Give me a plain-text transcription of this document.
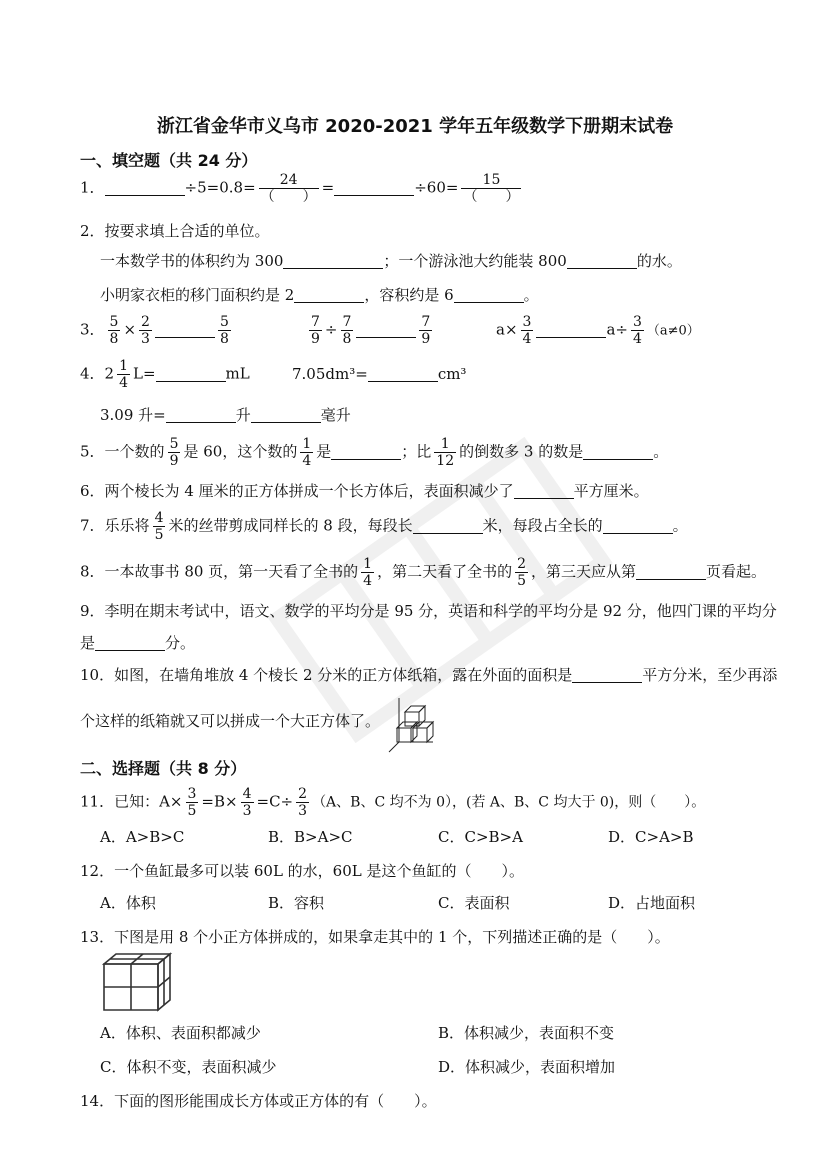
浙江省金华市义乌市 2020-2021 学年五年级数学下册期末试卷
一、填空题（共 24 分）
1．	$\div 5=0.8= \frac{24}{( )}$ =	$\div 60= \frac{15}{( )}$
2．按要求填上合适的单位。
一本数学书的体积约为 300	；一个游泳池大约能装 800	的水。
小明家衣柜的移门面积约是 2	，容积约是 6	。
3． $\frac{5}{8} \times \frac{2}{3}$	$\frac{5}{8}$	$\frac{7}{9} \div \frac{7}{8}$	$\frac{7}{9}$	$a\times \frac{3}{4}$	$a\div \frac{3}{4} (a\ne 0)$
4．$2 \frac{1}{4} L=$	mL	7.05dm³=	cm³
3.09 升=	升	毫升
5．一个数的 $\frac{5}{9}$ 是 60，这个数的 $\frac{1}{4}$ 是	；比 $\frac{1}{12}$ 的倒数多 3 的数是	。
6．两个棱长为 4 厘米的正方体拼成一个长方体后，表面积减少了	平方厘米。
7．乐乐将 $\frac{4}{5}$ 米的丝带剪成同样长的 8 段，每段长	米，每段占全长的	。
8．一本故事书 80 页，第一天看了全书的 $\frac{1}{4}$ ，第二天看了全书的 $\frac{2}{5}$ ，第三天应从第	页看起。
9．李明在期末考试中，语文、数学的平均分是 95 分，英语和科学的平均分是 92 分，他四门课的平均分
是	分。
10．如图，在墙角堆放 4 个棱长 2 分米的正方体纸箱，露在外面的面积是	平方分米，至少再添
个这样的纸箱就又可以拼成一个大正方体了。
二、选择题（共 8 分）
11．已知：$A\times \frac{3}{5} =B\times \frac{4}{3} =C\div \frac{2}{3} (A$、B、C 均不为 0），(若 A、B、C 均大于 0)，则（　　）。
A．A>B>C	B．B>A>C	C．C>B>A	D．C>A>B
12．一个鱼缸最多可以装 60L 的水，60L 是这个鱼缸的（　　）。
A．体积	B．容积	C．表面积	D．占地面积
13．下图是用 8 个小正方体拼成的，如果拿走其中的 1 个，下列描述正确的是（　　）。
A．体积、表面积都减少	B．体积减少，表面积不变
C．体积不变，表面积减少	D．体积减少，表面积增加
14．下面的图形能围成长方体或正方体的有（　　）。
